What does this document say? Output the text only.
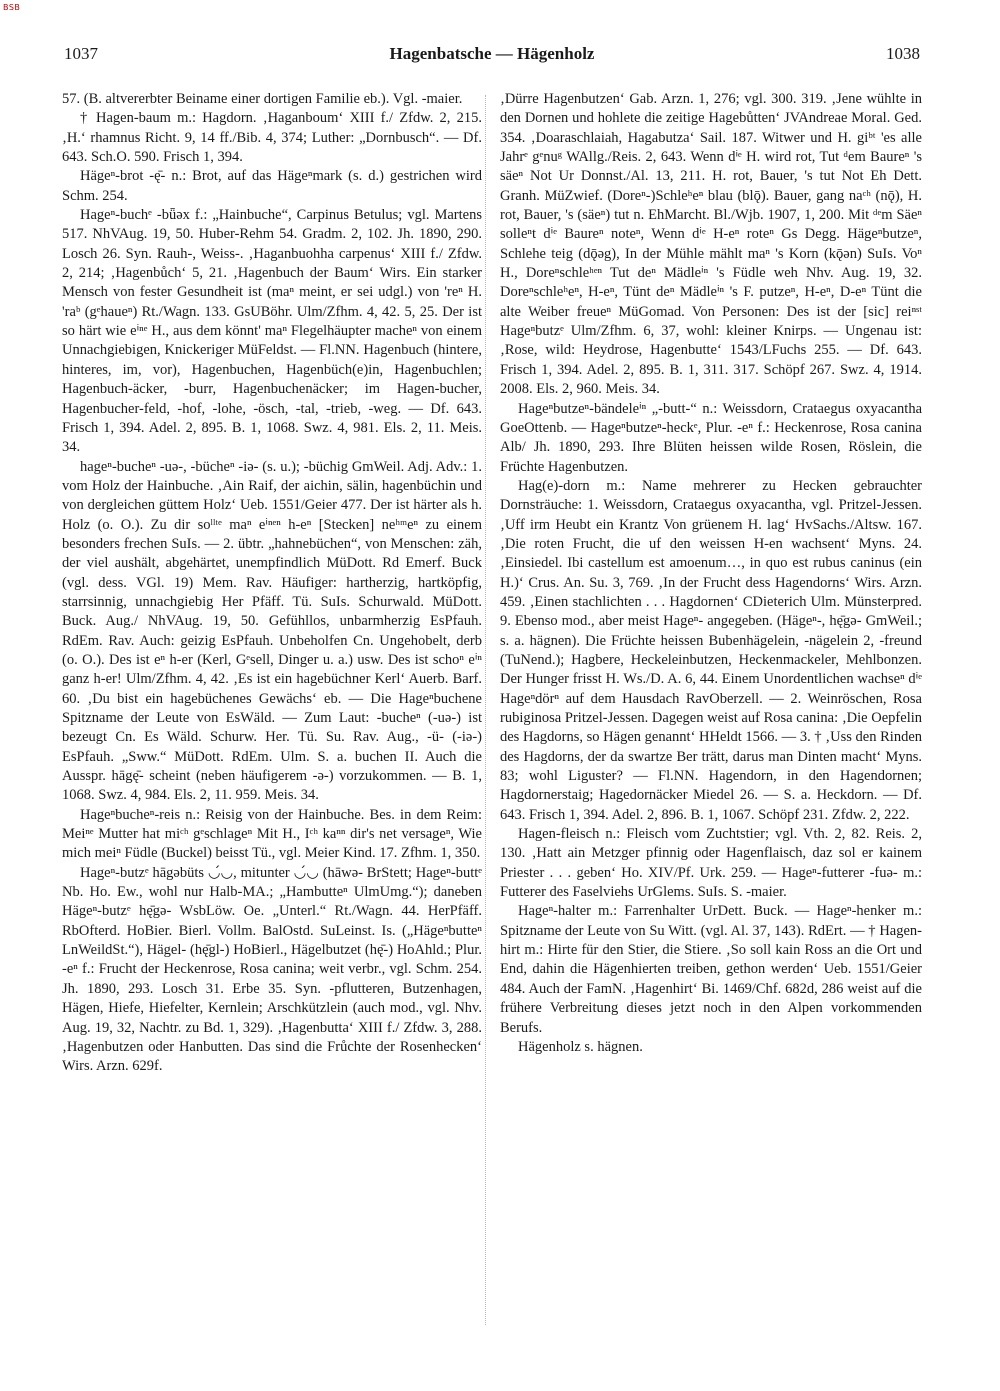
BSB
1037	Hagenbatsche — Hägenholz	1038

57. (B. altvererbter Beiname einer dortigen Familie eb.). Vgl. -maier.

† Hagen-baum m.: Hagdorn. ‚Haganboum‘ XIII f./ Zfdw. 2, 215. ‚H.‘ rhamnus Richt. 9, 14 ff./Bib. 4, 374; Luther: „Dornbusch“. — Df. 643. Sch.O. 590. Frisch 1, 394.

Hägeⁿ-brot -ę̄- n.: Brot, auf das Hägeⁿmark (s. d.) gestrichen wird Schm. 254.

Hageⁿ-buchᵉ -bǖəx f.: „Hainbuche“, Carpinus Betulus; vgl. Martens 517. NhVAug. 19, 50. Huber-Rehm 54. Gradm. 2, 102. Jh. 1890, 290. Losch 26. Syn. Rauh-, Weiss-. ‚Haganbuohha carpenus‘ XIII f./ Zfdw. 2, 214; ‚Hagenbůch‘ 5, 21. ‚Hagenbuch der Baum‘ Wirs. Ein starker Mensch von fester Gesundheit ist (maⁿ meint, er sei udgl.) von 'reⁿ H. 'raᵇ (gᵉhaueⁿ) Rt./Wagn. 133. GsUBöhr. Ulm/Zfhm. 4, 42. 5, 25. Der ist so härt wie eⁱⁿᵉ H., aus dem könnt' maⁿ Flegelhäupter macheⁿ von einem Unnachgiebigen, Knickeriger MüFeldst. — Fl.NN. Hagenbuch (hintere, hinteres, im, vor), Hagenbuchen, Hagenbüch(e)in, Hagenbuchlen; Hagenbuch-äcker, -burr, Hagenbuchenäcker; im Hagen-bucher, Hagenbucher-feld, -hof, -lohe, -ösch, -tal, -trieb, -weg. — Df. 643. Frisch 1, 394. Adel. 2, 895. B. 1, 1068. Swz. 4, 981. Els. 2, 11. Meis. 34.

hageⁿ-bucheⁿ -uə-, -bücheⁿ -iə- (s. u.); -büchig GmWeil. Adj. Adv.: 1. vom Holz der Hainbuche. ‚Ain Raif, der aichin, sälin, hagenbüchin und von dergleichen güttem Holz‘ Ueb. 1551/Geier 477. Der ist härter als h. Holz (o. O.). Zu dir soˡˡᵗᵉ maⁿ eⁱⁿᵉⁿ h-eⁿ [Stecken] neʰᵐeⁿ zu einem besonders frechen SuIs. — 2. übtr. „hahnebüchen“, von Menschen: zäh, der viel aushält, abgehärtet, unempfindlich MüDott. Rd Emerf. Buck (vgl. dess. VGl. 19) Mem. Rav. Häufiger: hartherzig, hartköpfig, starrsinnig, unnachgiebig Her Pfäff. Tü. SuIs. Schurwald. MüDott. Buck. Aug./ NhVAug. 19, 50. Gefühllos, unbarmherzig EsPfauh. RdEm. Rav. Auch: geizig EsPfauh. Unbeholfen Cn. Ungehobelt, derb (o. O.). Des ist eⁿ h-er (Kerl, Gᵉsell, Dinger u. a.) usw. Des ist schoⁿ eⁱⁿ ganz h-er! Ulm/Zfhm. 4, 42. ‚Es ist ein hagebüchner Kerl‘ Auerb. Barf. 60. ‚Du bist ein hagebüchenes Gewächs‘ eb. — Die Hageⁿbuchene Spitzname der Leute von EsWäld. — Zum Laut: -bucheⁿ (-uə-) ist bezeugt Cn. Es Wäld. Schurw. Her. Tü. Su. Rav. Aug., -ü- (-iə-) EsPfauh. „Sww.“ MüDott. RdEm. Ulm. S. a. buchen II. Auch die Ausspr. hāgę̄- scheint (neben häufigerem -ə-) vorzukommen. — B. 1, 1068. Swz. 4, 984. Els. 2, 11. 959. Meis. 34.

Hageⁿbucheⁿ-reis n.: Reisig von der Hainbuche. Bes. in dem Reim: Meiⁿᵉ Mutter hat miᶜʰ gᵉschlageⁿ Mit H., Iᶜʰ kaⁿⁿ dir's net versageⁿ, Wie mich meiⁿ Füdle (Buckel) beisst Tü., vgl. Meier Kind. 17. Zfhm. 1, 350.

Hageⁿ-butzᵉ hāgəbüts ◡́◡, mitunter ◡́◡ (hāwə- BrStett; Hageⁿ-buttᵉ Nb. Ho. Ew., wohl nur Halb-MA.; „Hambutteⁿ UlmUmg.“); daneben Hägeⁿ-butzᵉ hę̄gə- WsbLöw. Oe. „Unterl.“ Rt./Wagn. 44. HerPfäff. RbOfterd. HoBier. Bierl. Vollm. BalOstd. SuLeinst. Is. („Hägeⁿbutteⁿ LnWeildSt.“), Hägel- (hę̄gl-) HoBierl., Hägelbutzet (hę̄-) HoAhld.; Plur. -eⁿ f.: Frucht der Heckenrose, Rosa canina; weit verbr., vgl. Schm. 254. Jh. 1890, 293. Losch 31. Erbe 35. Syn. -pflutteren, Butzenhagen, Hägen, Hiefe, Hiefelter, Kernlein; Arschkützlein (auch mod., vgl. Nhv. Aug. 19, 32, Nachtr. zu Bd. 1, 329). ‚Hagenbutta‘ XIII f./ Zfdw. 3, 288. ‚Hagenbutzen oder Hanbutten. Das sind die Frůchte der Rosenhecken‘ Wirs. Arzn. 629f.

‚Dürre Hagenbutzen‘ Gab. Arzn. 1, 276; vgl. 300. 319. ‚Jene wühlte in den Dornen und hohlete die zeitige Hagebůtten‘ JVAndreae Moral. Ged. 354. ‚Doaraschlaiah, Hagabutza‘ Sail. 187. Witwer und H. giᵇᵗ 'es alle Jahrᵉ gᵉnuᵍ WAllg./Reis. 2, 643. Wenn dⁱᵉ H. wird rot, Tut ᵈem Baureⁿ 's säeⁿ Not Ur Donnst./Al. 13, 211. H. rot, Bauer, 's tut Not Eh Dett. Granh. MüZwief. (Doreⁿ-)Schleʰeⁿ blau (blǭ). Bauer, gang naᶜʰ (nǭ), H. rot, Bauer, 's (säeⁿ) tut n. EhMarcht. Bl./Wjb. 1907, 1, 200. Mit ᵈᵉm Säeⁿ solleⁿt dⁱᵉ Baureⁿ noteⁿ, Wenn dⁱᵉ H-eⁿ roteⁿ Gs Degg. Hägeⁿbutzeⁿ, Schlehe teig (dǭəg), In der Mühle mählt maⁿ 's Korn (kǭən) SuIs. Voⁿ H., Doreⁿschleʰᵉⁿ Tut deⁿ Mädleⁱⁿ 's Füdle weh Nhv. Aug. 19, 32. Doreⁿschleʰeⁿ, H-eⁿ, Tünt deⁿ Mädleⁱⁿ 's F. putzeⁿ, H-eⁿ, D-eⁿ Tünt die alte Weiber freueⁿ MüGomad. Von Personen: Des ist der [sic] reiⁿˢᵗ Hageⁿbutzᵉ Ulm/Zfhm. 6, 37, wohl: kleiner Knirps. — Ungenau ist: ‚Rose, wild: Heydrose, Hagenbutte‘ 1543/LFuchs 255. — Df. 643. Frisch 1, 394. Adel. 2, 895. B. 1, 311. 317. Schöpf 267. Swz. 4, 1914. 2008. Els. 2, 960. Meis. 34.

Hageⁿbutzeⁿ-bändeleⁱⁿ „-butt-“ n.: Weissdorn, Crataegus oxyacantha GoeOttenb. — Hageⁿbutzeⁿ-heckᵉ, Plur. -eⁿ f.: Heckenrose, Rosa canina Alb/ Jh. 1890, 293. Ihre Blüten heissen wilde Rosen, Röslein, die Früchte Hagenbutzen.

Hag(e)-dorn m.: Name mehrerer zu Hecken gebrauchter Dornsträuche: 1. Weissdorn, Crataegus oxyacantha, vgl. Pritzel-Jessen. ‚Uff irm Heubt ein Krantz Von grüenem H. lag‘ HvSachs./Altsw. 167. ‚Die roten Frucht, die uf den weissen H-en wachsent‘ Myns. 24. ‚Einsiedel. Ibi castellum est amoenum…, in quo est rubus caninus (ein H.)‘ Crus. An. Su. 3, 769. ‚In der Frucht dess Hagendorns‘ Wirs. Arzn. 459. ‚Einen stachlichten . . . Hagdornen‘ CDieterich Ulm. Münsterpred. 9. Ebenso mod., aber meist Hageⁿ- angegeben. (Hägeⁿ-, hę̄gə- GmWeil.; s. a. hägnen). Die Früchte heissen Bubenhägelein, -nägelein 2, -freund (TuNend.); Hagbere, Heckeleinbutzen, Heckenmackeler, Mehlbonzen. Der Hunger frisst H. Ws./D. A. 6, 44. Einem Unordentlichen wachseⁿ dⁱᵉ Hageⁿdörⁿ auf dem Hausdach RavOberzell. — 2. Weinröschen, Rosa rubiginosa Pritzel-Jessen. Dagegen weist auf Rosa canina: ‚Die Oepfelin des Hagdorns, so Hägen genannt‘ HHeldt 1566. — 3. † ‚Uss den Rinden des Hagdorns, der da swartze Ber trätt, darus man Dinten macht‘ Myns. 83; wohl Liguster? — Fl.NN. Hagendorn, in den Hagendornen; Hagdornerstaig; Hagedornäcker Miedel 26. — S. a. Heckdorn. — Df. 643. Frisch 1, 394. Adel. 2, 896. B. 1, 1067. Schöpf 231. Zfdw. 2, 222.

Hagen-fleisch n.: Fleisch vom Zuchtstier; vgl. Vth. 2, 82. Reis. 2, 130. ‚Hatt ain Metzger pfinnig oder Hagenflaisch, daz sol er kainem Priester . . . geben‘ Ho. XIV/Pf. Urk. 259. — Hageⁿ-futterer -fuə- m.: Futterer des Faselviehs UrGlems. SuIs. S. -maier.

Hageⁿ-halter m.: Farrenhalter UrDett. Buck. — Hageⁿ-henker m.: Spitzname der Leute von Su Witt. (vgl. Al. 37, 143). RdErt. — † Hagen-hirt m.: Hirte für den Stier, die Stiere. ‚So soll kain Ross an die Ort und End, dahin die Hägenhierten treiben, gethon werden‘ Ueb. 1551/Geier 484. Auch der FamN. ‚Hagenhirt‘ Bi. 1469/Chf. 682d, 286 weist auf die frühere Verbreitung dieses jetzt noch in den Alpen vorkommenden Berufs.

Hägenholz s. hägnen.
